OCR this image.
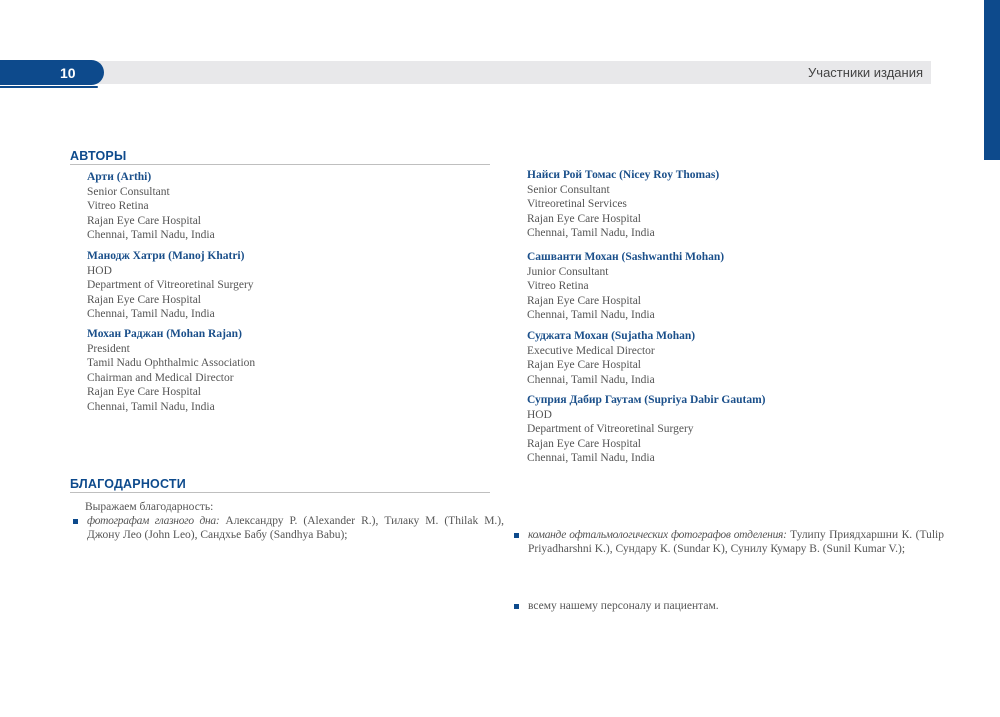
10	Участники издания
АВТОРЫ
Арти (Arthi)
Senior Consultant
Vitreo Retina
Rajan Eye Care Hospital
Chennai, Tamil Nadu, India
Манодж Хатри (Manoj Khatri)
HOD
Department of Vitreoretinal Surgery
Rajan Eye Care Hospital
Chennai, Tamil Nadu, India
Мохан Раджан (Mohan Rajan)
President
Tamil Nadu Ophthalmic Association
Chairman and Medical Director
Rajan Eye Care Hospital
Chennai, Tamil Nadu, India
Найси Рой Томас (Nicey Roy Thomas)
Senior Consultant
Vitreoretinal Services
Rajan Eye Care Hospital
Chennai, Tamil Nadu, India
Сашванти Мохан (Sashwanthi Mohan)
Junior Consultant
Vitreo Retina
Rajan Eye Care Hospital
Chennai, Tamil Nadu, India
Суджата Мохан (Sujatha Mohan)
Executive Medical Director
Rajan Eye Care Hospital
Chennai, Tamil Nadu, India
Суприя Дабир Гаутам (Supriya Dabir Gautam)
HOD
Department of Vitreoretinal Surgery
Rajan Eye Care Hospital
Chennai, Tamil Nadu, India
БЛАГОДАРНОСТИ
Выражаем благодарность:
фотографам глазного дна: Александру Р. (Alexander R.), Тилаку М. (Thilak M.), Джону Лео (John Leo), Сандхье Бабу (Sandhya Babu);	команде офтальмологических фотографов отделения: Тулипу Приядхаршни К. (Tulip Priyadharshni K.), Сундару К. (Sundar K), Сунилу Кумару В. (Sunil Kumar V.);
всему нашему персоналу и пациентам.
